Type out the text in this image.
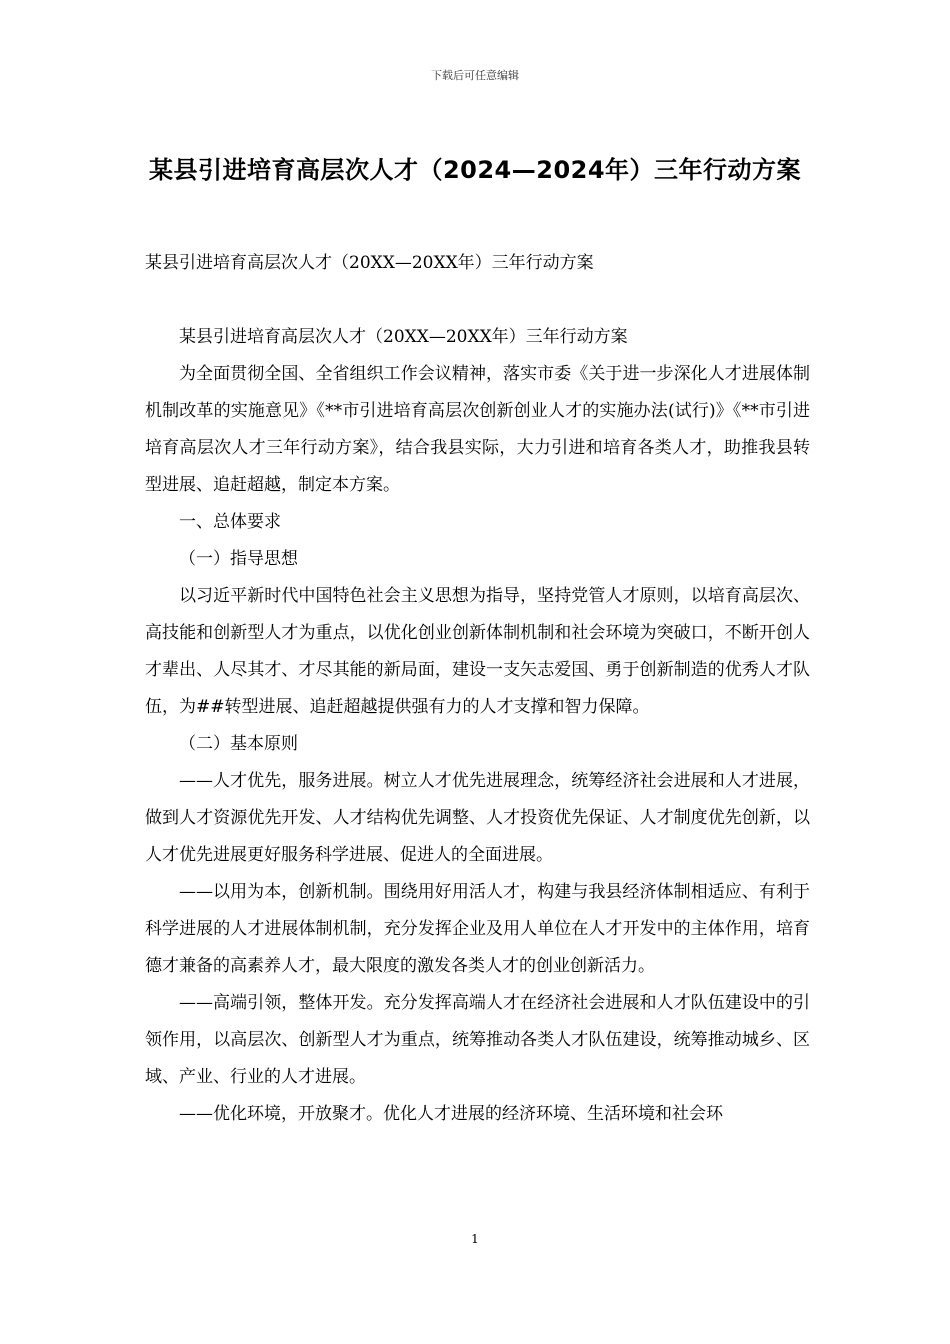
下载后可任意编辑
某县引进培育高层次人才（2024—2024年）三年行动方案

某县引进培育高层次人才（20XX—20XX年）三年行动方案

某县引进培育高层次人才（20XX—20XX年）三年行动方案

为全面贯彻全国、全省组织工作会议精神，落实市委《关于进一步深化人才进展体制机制改革的实施意见》《**市引进培育高层次创新创业人才的实施办法(试行)》《**市引进培育高层次人才三年行动方案》，结合我县实际，大力引进和培育各类人才，助推我县转型进展、追赶超越，制定本方案。

一、总体要求

（一）指导思想

以习近平新时代中国特色社会主义思想为指导，坚持党管人才原则，以培育高层次、高技能和创新型人才为重点，以优化创业创新体制机制和社会环境为突破口，不断开创人才辈出、人尽其才、才尽其能的新局面，建设一支矢志爱国、勇于创新制造的优秀人才队伍，为##转型进展、追赶超越提供强有力的人才支撑和智力保障。

（二）基本原则

——人才优先，服务进展。树立人才优先进展理念，统筹经济社会进展和人才进展，做到人才资源优先开发、人才结构优先调整、人才投资优先保证、人才制度优先创新，以人才优先进展更好服务科学进展、促进人的全面进展。

——以用为本，创新机制。围绕用好用活人才，构建与我县经济体制相适应、有利于科学进展的人才进展体制机制，充分发挥企业及用人单位在人才开发中的主体作用，培育德才兼备的高素养人才，最大限度的激发各类人才的创业创新活力。

——高端引领，整体开发。充分发挥高端人才在经济社会进展和人才队伍建设中的引领作用，以高层次、创新型人才为重点，统筹推动各类人才队伍建设，统筹推动城乡、区域、产业、行业的人才进展。

——优化环境，开放聚才。优化人才进展的经济环境、生活环境和社会环

1
